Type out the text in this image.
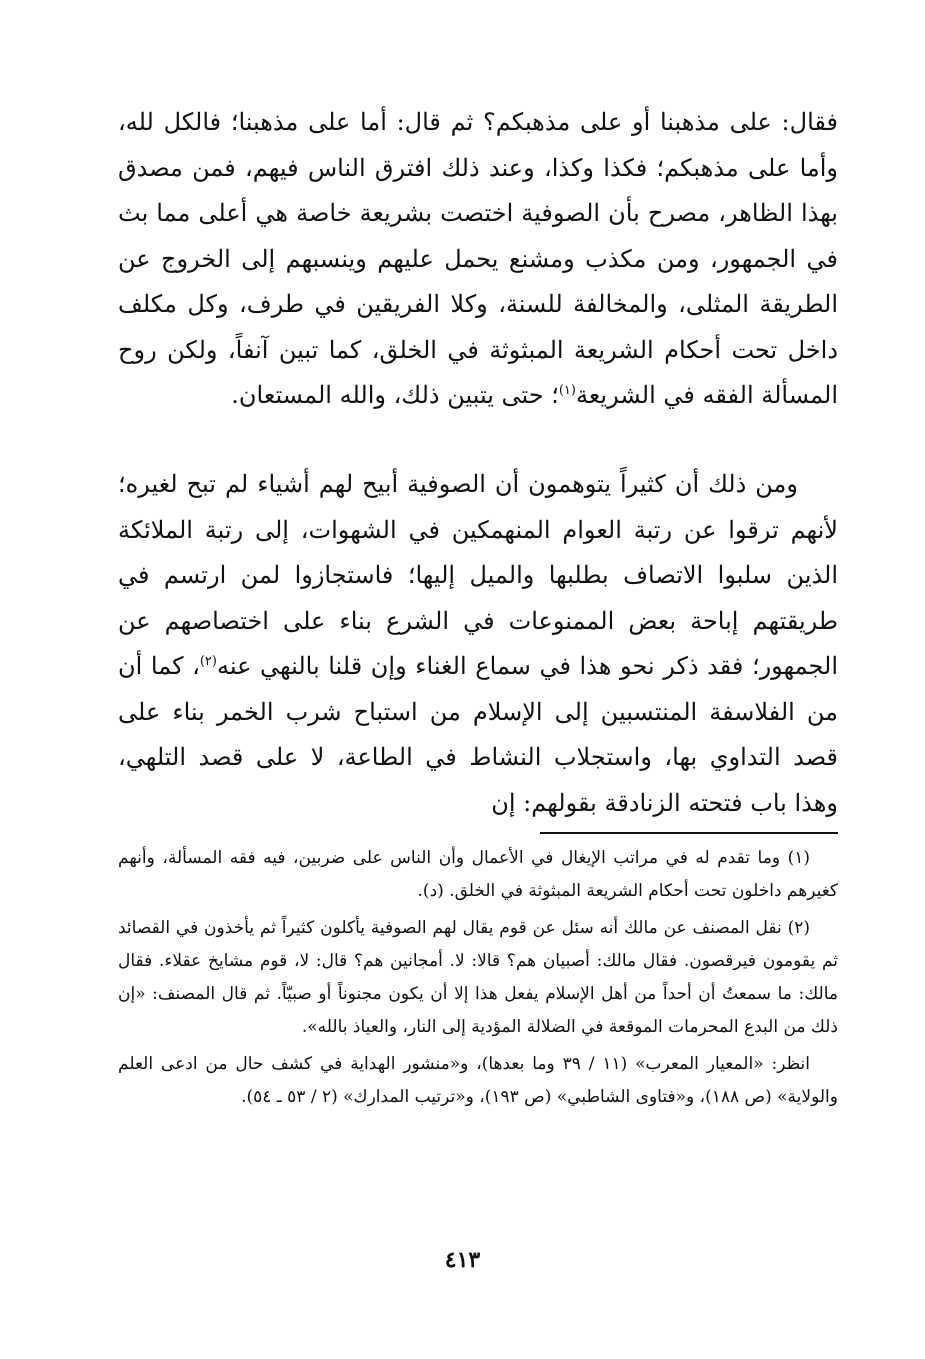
فقال: على مذهبنا أو على مذهبكم؟ ثم قال: أما على مذهبنا؛ فالكل لله، وأما على مذهبكم؛ فكذا وكذا، وعند ذلك افترق الناس فيهم، فمن مصدق بهذا الظاهر، مصرح بأن الصوفية اختصت بشريعة خاصة هي أعلى مما بث في الجمهور، ومن مكذب ومشنع يحمل عليهم وينسبهم إلى الخروج عن الطريقة المثلى، والمخالفة للسنة، وكلا الفريقين في طرف، وكل مكلف داخل تحت أحكام الشريعة المبثوثة في الخلق، كما تبين آنفاً، ولكن روح المسألة الفقه في الشريعة$^{(١)}$؛ حتى يتبين ذلك، والله المستعان.

ومن ذلك أن كثيراً يتوهمون أن الصوفية أبيح لهم أشياء لم تبح لغيره؛ لأنهم ترقوا عن رتبة العوام المنهمكين في الشهوات، إلى رتبة الملائكة الذين سلبوا الاتصاف بطلبها والميل إليها؛ فاستجازوا لمن ارتسم في طريقتهم إباحة بعض الممنوعات في الشرع بناء على اختصاصهم عن الجمهور؛ فقد ذكر نحو هذا في سماع الغناء وإن قلنا بالنهي عنه$^{(٢)}$، كما أن من الفلاسفة المنتسبين إلى الإسلام من استباح شرب الخمر بناء على قصد التداوي بها، واستجلاب النشاط في الطاعة، لا على قصد التلهي، وهذا باب فتحته الزنادقة بقولهم: إن

(١) وما تقدم له في مراتب الإيغال في الأعمال وأن الناس على ضربين، فيه فقه المسألة، وأنهم كغيرهم داخلون تحت أحكام الشريعة المبثوثة في الخلق. (د).

(٢) نقل المصنف عن مالك أنه سئل عن قوم يقال لهم الصوفية يأكلون كثيراً ثم يأخذون في القصائد ثم يقومون فيرقصون. فقال مالك: أصبيان هم؟ قالا: لا. أمجانين هم؟ قال: لا، قوم مشايخ عقلاء. فقال مالك: ما سمعتُ أن أحداً من أهل الإسلام يفعل هذا إلا أن يكون مجنوناً أو صبيّاً. ثم قال المصنف: «إن ذلك من البدع المحرمات الموقعة في الضلالة المؤدية إلى النار، والعياذ بالله».

انظر: «المعيار المعرب» (١١ / ٣٩ وما بعدها)، و«منشور الهداية في كشف حال من ادعى العلم والولاية» (ص ١٨٨)، و«فتاوى الشاطبي» (ص ١٩٣)، و«ترتيب المدارك» (٢ / ٥٣ ـ ٥٤).

٤١٣
